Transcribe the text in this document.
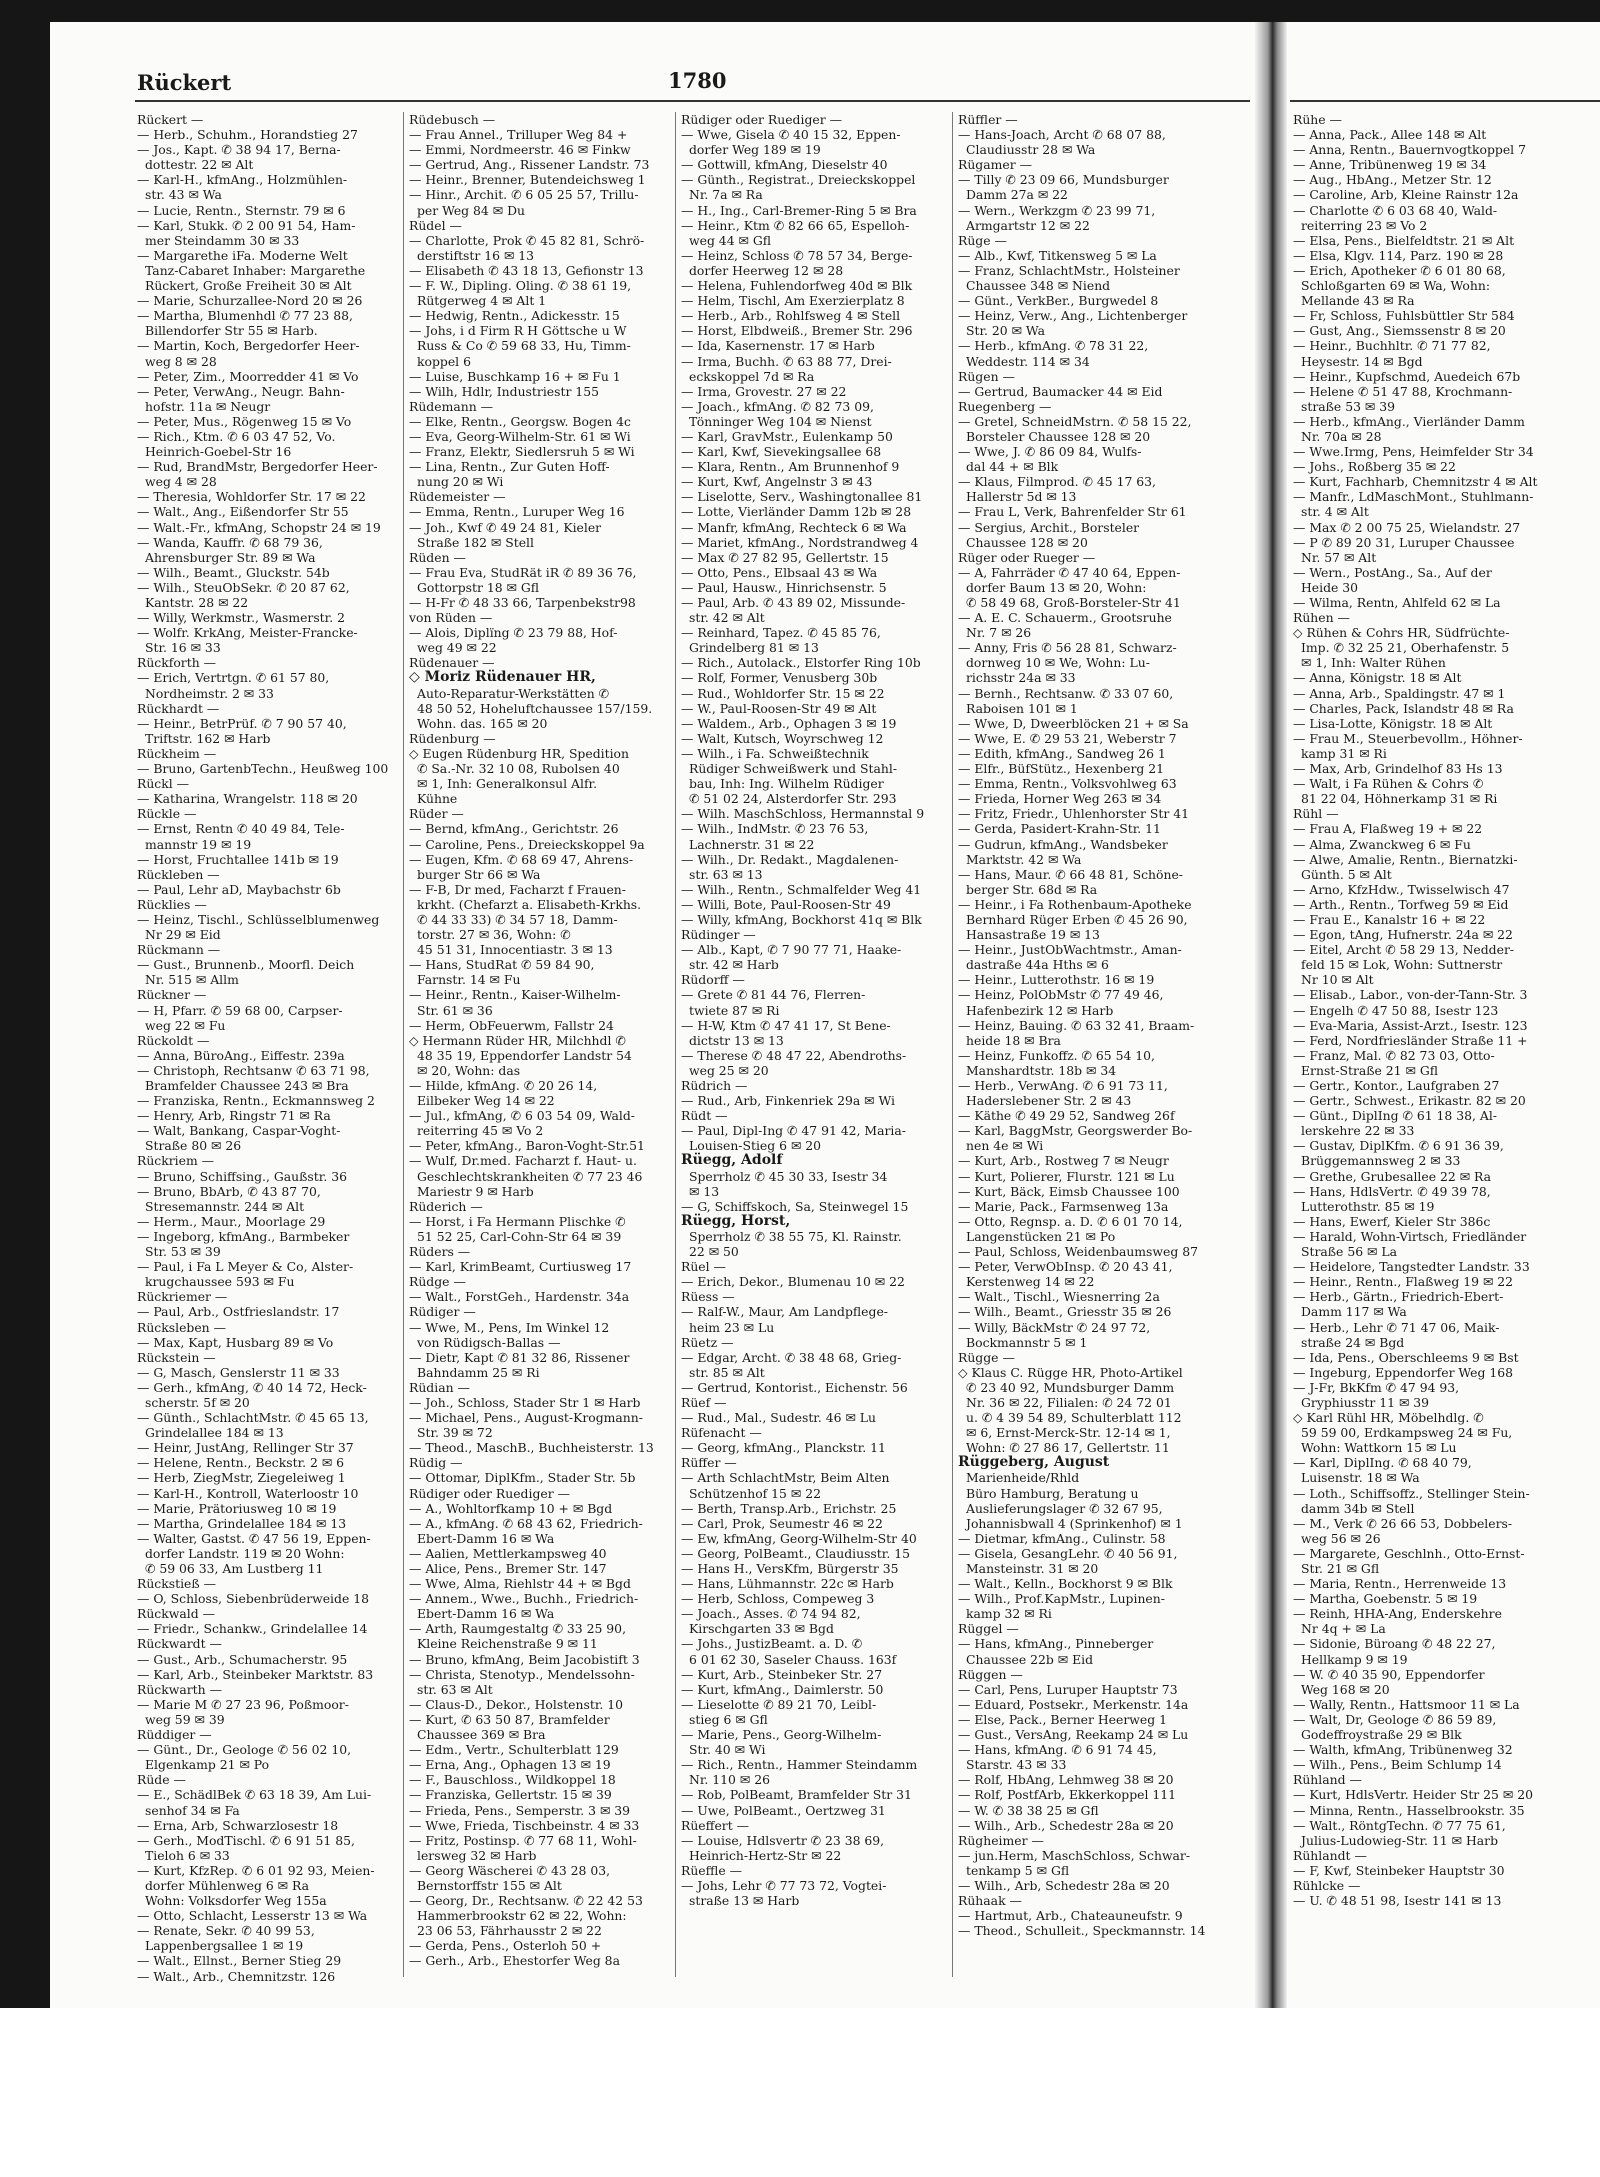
Rückert	1780
Rückert —
— Herb., Schuhm., Horandstieg 27
— Jos., Kapt. ✆ 38 94 17, Berna-
dottestr. 22 ✉ Alt
— Karl-H., kfmAng., Holzmühlen-
str. 43 ✉ Wa
— Lucie, Rentn., Sternstr. 79 ✉ 6
— Karl, Stukk. ✆ 2 00 91 54, Ham-
mer Steindamm 30 ✉ 33
— Margarethe iFa. Moderne Welt
Tanz-Cabaret Inhaber: Margarethe
Rückert, Große Freiheit 30 ✉ Alt
— Marie, Schurzallee-Nord 20 ✉ 26
— Martha, Blumenhdl ✆ 77 23 88,
Billendorfer Str 55 ✉ Harb.
— Martin, Koch, Bergedorfer Heer-
weg 8 ✉ 28
— Peter, Zim., Moorredder 41 ✉ Vo
— Peter, VerwAng., Neugr. Bahn-
hofstr. 11a ✉ Neugr
— Peter, Mus., Rögenweg 15 ✉ Vo
— Rich., Ktm. ✆ 6 03 47 52, Vo.
Heinrich-Goebel-Str 16
— Rud, BrandMstr, Bergedorfer Heer-
weg 4 ✉ 28
— Theresia, Wohldorfer Str. 17 ✉ 22
— Walt., Ang., Eißendorfer Str 55
— Walt.-Fr., kfmAng, Schopstr 24 ✉ 19
— Wanda, Kauffr. ✆ 68 79 36,
Ahrensburger Str. 89 ✉ Wa
— Wilh., Beamt., Gluckstr. 54b
— Wilh., SteuObSekr. ✆ 20 87 62,
Kantstr. 28 ✉ 22
— Willy, Werkmstr., Wasmerstr. 2
— Wolfr. KrkAng, Meister-Francke-
Str. 16 ✉ 33
Rückforth —
— Erich, Vertrtgn. ✆ 61 57 80,
Nordheimstr. 2 ✉ 33
Rückhardt —
— Heinr., BetrPrüf. ✆ 7 90 57 40,
Triftstr. 162 ✉ Harb
Rückheim —
— Bruno, GartenbTechn., Heußweg 100
Rückl —
— Katharina, Wrangelstr. 118 ✉ 20
Rückle —
— Ernst, Rentn ✆ 40 49 84, Tele-
mannstr 19 ✉ 19
— Horst, Fruchtallee 141b ✉ 19
Rückleben —
— Paul, Lehr aD, Maybachstr 6b
Rücklies —
— Heinz, Tischl., Schlüsselblumenweg
Nr 29 ✉ Eid
Rückmann —
— Gust., Brunnenb., Moorfl. Deich
Nr. 515 ✉ Allm
Rückner —
— H, Pfarr. ✆ 59 68 00, Carpser-
weg 22 ✉ Fu
Rückoldt —
— Anna, BüroAng., Eiffestr. 239a
— Christoph, Rechtsanw ✆ 63 71 98,
Bramfelder Chaussee 243 ✉ Bra
— Franziska, Rentn., Eckmannsweg 2
— Henry, Arb, Ringstr 71 ✉ Ra
— Walt, Bankang, Caspar-Voght-
Straße 80 ✉ 26
Rückriem —
— Bruno, Schiffsing., Gaußstr. 36
— Bruno, BbArb, ✆ 43 87 70,
Stresemannstr. 244 ✉ Alt
— Herm., Maur., Moorlage 29
— Ingeborg, kfmAng., Barmbeker
Str. 53 ✉ 39
— Paul, i Fa L Meyer & Co, Alster-
krugchaussee 593 ✉ Fu
Rückriemer —
— Paul, Arb., Ostfrieslandstr. 17
Rücksleben —
— Max, Kapt, Husbarg 89 ✉ Vo
Rückstein —
— G, Masch, Genslerstr 11 ✉ 33
— Gerh., kfmAng, ✆ 40 14 72, Heck-
scherstr. 5f ✉ 20
— Günth., SchlachtMstr. ✆ 45 65 13,
Grindelallee 184 ✉ 13
— Heinr, JustAng, Rellinger Str 37
— Helene, Rentn., Beckstr. 2 ✉ 6
— Herb, ZiegMstr, Ziegeleiweg 1
— Karl-H., Kontroll, Waterloostr 10
— Marie, Prätoriusweg 10 ✉ 19
— Martha, Grindelallee 184 ✉ 13
— Walter, Gastst. ✆ 47 56 19, Eppen-
dorfer Landstr. 119 ✉ 20 Wohn:
✆ 59 06 33, Am Lustberg 11
Rückstieß —
— O, Schloss, Siebenbrüderweide 18
Rückwald —
— Friedr., Schankw., Grindelallee 14
Rückwardt —
— Gust., Arb., Schumacherstr. 95
— Karl, Arb., Steinbeker Marktstr. 83
Rückwarth —
— Marie M ✆ 27 23 96, Poßmoor-
weg 59 ✉ 39
Rüddiger —
— Günt., Dr., Geologe ✆ 56 02 10,
Elgenkamp 21 ✉ Po
Rüde —
— E., SchädlBek ✆ 63 18 39, Am Lui-
senhof 34 ✉ Fa
— Erna, Arb, Schwarzlosestr 18
— Gerh., ModTischl. ✆ 6 91 51 85,
Tieloh 6 ✉ 33
— Kurt, KfzRep. ✆ 6 01 92 93, Meien-
dorfer Mühlenweg 6 ✉ Ra
Wohn: Volksdorfer Weg 155a
— Otto, Schlacht, Lesserstr 13 ✉ Wa
— Renate, Sekr. ✆ 40 99 53,
Lappenbergsallee 1 ✉ 19
— Walt., Ellnst., Berner Stieg 29
— Walt., Arb., Chemnitzstr. 126
Rüdebusch —
— Frau Annel., Trilluper Weg 84 +
— Emmi, Nordmeerstr. 46 ✉ Finkw
— Gertrud, Ang., Rissener Landstr. 73
— Heinr., Brenner, Butendeichsweg 1
— Hinr., Archit. ✆ 6 05 25 57, Trillu-
per Weg 84 ✉ Du
Rüdel —
— Charlotte, Prok ✆ 45 82 81, Schrö-
derstiftstr 16 ✉ 13
— Elisabeth ✆ 43 18 13, Gefionstr 13
— F. W., Dipling. Oling. ✆ 38 61 19,
Rütgerweg 4 ✉ Alt 1
— Hedwig, Rentn., Adickesstr. 15
— Johs, i d Firm R H Göttsche u W
Russ & Co ✆ 59 68 33, Hu, Timm-
koppel 6
— Luise, Buschkamp 16 + ✉ Fu 1
— Wilh, Hdlr, Industriestr 155
Rüdemann —
— Elke, Rentn., Georgsw. Bogen 4c
— Eva, Georg-Wilhelm-Str. 61 ✉ Wi
— Franz, Elektr, Siedlersruh 5 ✉ Wi
— Lina, Rentn., Zur Guten Hoff-
nung 20 ✉ Wi
Rüdemeister —
— Emma, Rentn., Luruper Weg 16
— Joh., Kwf ✆ 49 24 81, Kieler
Straße 182 ✉ Stell
Rüden —
— Frau Eva, StudRät iR ✆ 89 36 76,
Gottorpstr 18 ✉ Gfl
— H-Fr ✆ 48 33 66, Tarpenbekstr98
von Rüden —
— Alois, Diplïng ✆ 23 79 88, Hof-
weg 49 ✉ 22
Rüdenauer —
◇ Moriz Rüdenauer HR,
Auto-Reparatur-Werkstätten ✆
48 50 52, Hoheluftchaussee 157/159.
Wohn. das. 165 ✉ 20
Rüdenburg —
◇ Eugen Rüdenburg HR, Spedition
✆ Sa.-Nr. 32 10 08, Rubolsen 40
✉ 1, Inh: Generalkonsul Alfr.
Kühne
Rüder —
— Bernd, kfmAng., Gerichtstr. 26
— Caroline, Pens., Dreieckskoppel 9a
— Eugen, Kfm. ✆ 68 69 47, Ahrens-
burger Str 66 ✉ Wa
— F-B, Dr med, Facharzt f Frauen-
krkht. (Chefarzt a. Elisabeth-Krkhs.
✆ 44 33 33) ✆ 34 57 18, Damm-
torstr. 27 ✉ 36, Wohn: ✆
45 51 31, Innocentiastr. 3 ✉ 13
— Hans, StudRat ✆ 59 84 90,
Farnstr. 14 ✉ Fu
— Heinr., Rentn., Kaiser-Wilhelm-
Str. 61 ✉ 36
— Herm, ObFeuerwm, Fallstr 24
◇ Hermann Rüder HR, Milchhdl ✆
48 35 19, Eppendorfer Landstr 54
✉ 20, Wohn: das
— Hilde, kfmAng. ✆ 20 26 14,
Eilbeker Weg 14 ✉ 22
— Jul., kfmAng, ✆ 6 03 54 09, Wald-
reiterring 45 ✉ Vo 2
— Peter, kfmAng., Baron-Voght-Str.51
— Wulf, Dr.med. Facharzt f. Haut- u.
Geschlechtskrankheiten ✆ 77 23 46
Mariestr 9 ✉ Harb
Rüderich —
— Horst, i Fa Hermann Plischke ✆
51 52 25, Carl-Cohn-Str 64 ✉ 39
Rüders —
— Karl, KrimBeamt, Curtiusweg 17
Rüdge —
— Walt., ForstGeh., Hardenstr. 34a
Rüdiger —
— Wwe, M., Pens, Im Winkel 12
von Rüdigsch-Ballas —
— Dietr, Kapt ✆ 81 32 86, Rissener
Bahndamm 25 ✉ Ri
Rüdian —
— Joh., Schloss, Stader Str 1 ✉ Harb
— Michael, Pens., August-Krogmann-
Str. 39 ✉ 72
— Theod., MaschB., Buchheisterstr. 13
Rüdig —
— Ottomar, DiplKfm., Stader Str. 5b
Rüdiger oder Ruediger —
— A., Wohltorfkamp 10 + ✉ Bgd
— A., kfmAng. ✆ 68 43 62, Friedrich-
Ebert-Damm 16 ✉ Wa
— Aalien, Mettlerkampsweg 40
— Alice, Pens., Bremer Str. 147
— Wwe, Alma, Riehlstr 44 + ✉ Bgd
— Annem., Wwe., Buchh., Friedrich-
Ebert-Damm 16 ✉ Wa
— Arth, Raumgestaltg ✆ 33 25 90,
Kleine Reichenstraße 9 ✉ 11
— Bruno, kfmAng, Beim Jacobistift 3
— Christa, Stenotyp., Mendelssohn-
str. 63 ✉ Alt
— Claus-D., Dekor., Holstenstr. 10
— Kurt, ✆ 63 50 87, Bramfelder
Chaussee 369 ✉ Bra
— Edm., Vertr., Schulterblatt 129
— Erna, Ang., Ophagen 13 ✉ 19
— F., Bauschloss., Wildkoppel 18
— Franziska, Gellertstr. 15 ✉ 39
— Frieda, Pens., Semperstr. 3 ✉ 39
— Wwe, Frieda, Tischbeinstr. 4 ✉ 33
— Fritz, Postinsp. ✆ 77 68 11, Wohl-
lersweg 32 ✉ Harb
— Georg Wäscherei ✆ 43 28 03,
Bernstorffstr 155 ✉ Alt
— Georg, Dr., Rechtsanw. ✆ 22 42 53
Hammerbrookstr 62 ✉ 22, Wohn:
23 06 53, Fährhausstr 2 ✉ 22
— Gerda, Pens., Osterloh 50 +
— Gerh., Arb., Ehestorfer Weg 8a
Rüdiger oder Ruediger —
— Wwe, Gisela ✆ 40 15 32, Eppen-
dorfer Weg 189 ✉ 19
— Gottwill, kfmAng, Dieselstr 40
— Günth., Registrat., Dreieckskoppel
Nr. 7a ✉ Ra
— H., Ing., Carl-Bremer-Ring 5 ✉ Bra
— Heinr., Ktm ✆ 82 66 65, Espelloh-
weg 44 ✉ Gfl
— Heinz, Schloss ✆ 78 57 34, Berge-
dorfer Heerweg 12 ✉ 28
— Helena, Fuhlendorfweg 40d ✉ Blk
— Helm, Tischl, Am Exerzierplatz 8
— Herb., Arb., Rohlfsweg 4 ✉ Stell
— Horst, Elbdweiß., Bremer Str. 296
— Ida, Kasernenstr. 17 ✉ Harb
— Irma, Buchh. ✆ 63 88 77, Drei-
eckskoppel 7d ✉ Ra
— Irma, Grovestr. 27 ✉ 22
— Joach., kfmAng. ✆ 82 73 09,
Tönninger Weg 104 ✉ Nienst
— Karl, GravMstr., Eulenkamp 50
— Karl, Kwf, Sievekingsallee 68
— Klara, Rentn., Am Brunnenhof 9
— Kurt, Kwf, Angelnstr 3 ✉ 43
— Liselotte, Serv., Washingtonallee 81
— Lotte, Vierländer Damm 12b ✉ 28
— Manfr, kfmAng, Rechteck 6 ✉ Wa
— Mariet, kfmAng., Nordstrandweg 4
— Max ✆ 27 82 95, Gellertstr. 15
— Otto, Pens., Elbsaal 43 ✉ Wa
— Paul, Hausw., Hinrichsenstr. 5
— Paul, Arb. ✆ 43 89 02, Missunde-
str. 42 ✉ Alt
— Reinhard, Tapez. ✆ 45 85 76,
Grindelberg 81 ✉ 13
— Rich., Autolack., Elstorfer Ring 10b
— Rolf, Former, Venusberg 30b
— Rud., Wohldorfer Str. 15 ✉ 22
— W., Paul-Roosen-Str 49 ✉ Alt
— Waldem., Arb., Ophagen 3 ✉ 19
— Walt, Kutsch, Woyrschweg 12
— Wilh., i Fa. Schweißtechnik
Rüdiger Schweißwerk und Stahl-
bau, Inh: Ing. Wilhelm Rüdiger
✆ 51 02 24, Alsterdorfer Str. 293
— Wilh. MaschSchloss, Hermannstal 9
— Wilh., IndMstr. ✆ 23 76 53,
Lachnerstr. 31 ✉ 22
— Wilh., Dr. Redakt., Magdalenen-
str. 63 ✉ 13
— Wilh., Rentn., Schmalfelder Weg 41
— Willi, Bote, Paul-Roosen-Str 49
— Willy, kfmAng, Bockhorst 41q ✉ Blk
Rüdinger —
— Alb., Kapt, ✆ 7 90 77 71, Haake-
str. 42 ✉ Harb
Rüdorff —
— Grete ✆ 81 44 76, Flerren-
twiete 87 ✉ Ri
— H-W, Ktm ✆ 47 41 17, St Bene-
dictstr 13 ✉ 13
— Therese ✆ 48 47 22, Abendroths-
weg 25 ✉ 20
Rüdrich —
— Rud., Arb, Finkenriek 29a ✉ Wi
Rüdt —
— Paul, Dipl-Ing ✆ 47 91 42, Maria-
Louisen-Stieg 6 ✉ 20
Rüegg, Adolf
Sperrholz ✆ 45 30 33, Isestr 34
✉ 13
— G, Schiffskoch, Sa, Steinwegel 15
Rüegg, Horst,
Sperrholz ✆ 38 55 75, Kl. Rainstr.
22 ✉ 50
Rüel —
— Erich, Dekor., Blumenau 10 ✉ 22
Rüess —
— Ralf-W., Maur, Am Landpflege-
heim 23 ✉ Lu
Rüetz —
— Edgar, Archt. ✆ 38 48 68, Grieg-
str. 85 ✉ Alt
— Gertrud, Kontorist., Eichenstr. 56
Rüef —
— Rud., Mal., Sudestr. 46 ✉ Lu
Rüfenacht —
— Georg, kfmAng., Planckstr. 11
Rüffer —
— Arth SchlachtMstr, Beim Alten
Schützenhof 15 ✉ 22
— Berth, Transp.Arb., Erichstr. 25
— Carl, Prok, Seumestr 46 ✉ 22
— Ew, kfmAng, Georg-Wilhelm-Str 40
— Georg, PolBeamt., Claudiusstr. 15
— Hans H., VersKfm, Bürgerstr 35
— Hans, Lühmannstr. 22c ✉ Harb
— Herb, Schloss, Compeweg 3
— Joach., Asses. ✆ 74 94 82,
Kirschgarten 33 ✉ Bgd
— Johs., JustizBeamt. a. D. ✆
6 01 62 30, Saseler Chauss. 163f
— Kurt, Arb., Steinbeker Str. 27
— Kurt, kfmAng., Daimlerstr. 50
— Lieselotte ✆ 89 21 70, Leibl-
stieg 6 ✉ Gfl
— Marie, Pens., Georg-Wilhelm-
Str. 40 ✉ Wi
— Rich., Rentn., Hammer Steindamm
Nr. 110 ✉ 26
— Rob, PolBeamt, Bramfelder Str 31
— Uwe, PolBeamt., Oertzweg 31
Rüeffert —
— Louise, Hdlsvertr ✆ 23 38 69,
Heinrich-Hertz-Str ✉ 22
Rüeffle —
— Johs, Lehr ✆ 77 73 72, Vogtei-
straße 13 ✉ Harb
Rüffler —
— Hans-Joach, Archt ✆ 68 07 88,
Claudiusstr 28 ✉ Wa
Rügamer —
— Tilly ✆ 23 09 66, Mundsburger
Damm 27a ✉ 22
— Wern., Werkzgm ✆ 23 99 71,
Armgartstr 12 ✉ 22
Rüge —
— Alb., Kwf, Titkensweg 5 ✉ La
— Franz, SchlachtMstr., Holsteiner
Chaussee 348 ✉ Niend
— Günt., VerkBer., Burgwedel 8
— Heinz, Verw., Ang., Lichtenberger
Str. 20 ✉ Wa
— Herb., kfmAng. ✆ 78 31 22,
Weddestr. 114 ✉ 34
Rügen —
— Gertrud, Baumacker 44 ✉ Eid
Ruegenberg —
— Gretel, SchneidMstrn. ✆ 58 15 22,
Borsteler Chaussee 128 ✉ 20
— Wwe, J. ✆ 86 09 84, Wulfs-
dal 44 + ✉ Blk
— Klaus, Filmprod. ✆ 45 17 63,
Hallerstr 5d ✉ 13
— Frau L, Verk, Bahrenfelder Str 61
— Sergius, Archit., Borsteler
Chaussee 128 ✉ 20
Rüger oder Rueger —
— A, Fahrräder ✆ 47 40 64, Eppen-
dorfer Baum 13 ✉ 20, Wohn:
✆ 58 49 68, Groß-Borsteler-Str 41
— A. E. C. Schauerm., Grootsruhe
Nr. 7 ✉ 26
— Anny, Fris ✆ 56 28 81, Schwarz-
dornweg 10 ✉ We, Wohn: Lu-
richsstr 24a ✉ 33
— Bernh., Rechtsanw. ✆ 33 07 60,
Raboisen 101 ✉ 1
— Wwe, D, Dweerblöcken 21 + ✉ Sa
— Wwe, E. ✆ 29 53 21, Weberstr 7
— Edith, kfmAng., Sandweg 26 1
— Elfr., BüfStütz., Hexenberg 21
— Emma, Rentn., Volksvohlweg 63
— Frieda, Horner Weg 263 ✉ 34
— Fritz, Friedr., Uhlenhorster Str 41
— Gerda, Pasidert-Krahn-Str. 11
— Gudrun, kfmAng., Wandsbeker
Marktstr. 42 ✉ Wa
— Hans, Maur. ✆ 66 48 81, Schöne-
berger Str. 68d ✉ Ra
— Heinr., i Fa Rothenbaum-Apotheke
Bernhard Rüger Erben ✆ 45 26 90,
Hansastraße 19 ✉ 13
— Heinr., JustObWachtmstr., Aman-
dastraße 44a Hths ✉ 6
— Heinr., Lutterothstr. 16 ✉ 19
— Heinz, PolObMstr ✆ 77 49 46,
Hafenbezirk 12 ✉ Harb
— Heinz, Bauing. ✆ 63 32 41, Braam-
heide 18 ✉ Bra
— Heinz, Funkoffz. ✆ 65 54 10,
Manshardtstr. 18b ✉ 34
— Herb., VerwAng. ✆ 6 91 73 11,
Haderslebener Str. 2 ✉ 43
— Käthe ✆ 49 29 52, Sandweg 26f
— Karl, BaggMstr, Georgswerder Bo-
nen 4e ✉ Wi
— Kurt, Arb., Rostweg 7 ✉ Neugr
— Kurt, Polierer, Flurstr. 121 ✉ Lu
— Kurt, Bäck, Eimsb Chaussee 100
— Marie, Pack., Farmsenweg 13a
— Otto, Regnsp. a. D. ✆ 6 01 70 14,
Langenstücken 21 ✉ Po
— Paul, Schloss, Weidenbaumsweg 87
— Peter, VerwObInsp. ✆ 20 43 41,
Kerstenweg 14 ✉ 22
— Walt., Tischl., Wiesnerring 2a
— Wilh., Beamt., Griesstr 35 ✉ 26
— Willy, BäckMstr ✆ 24 97 72,
Bockmannstr 5 ✉ 1
Rügge —
◇ Klaus C. Rügge HR, Photo-Artikel
✆ 23 40 92, Mundsburger Damm
Nr. 36 ✉ 22, Filialen: ✆ 24 72 01
u. ✆ 4 39 54 89, Schulterblatt 112
✉ 6, Ernst-Merck-Str. 12-14 ✉ 1,
Wohn: ✆ 27 86 17, Gellertstr. 11
Rüggeberg, August
Marienheide/Rhld
Büro Hamburg, Beratung u
Auslieferungslager ✆ 32 67 95,
Johannisbwall 4 (Sprinkenhof) ✉ 1
— Dietmar, kfmAng., Culinstr. 58
— Gisela, GesangLehr. ✆ 40 56 91,
Mansteinstr. 31 ✉ 20
— Walt., Kelln., Bockhorst 9 ✉ Blk
— Wilh., Prof.KapMstr., Lupinen-
kamp 32 ✉ Ri
Rüggel —
— Hans, kfmAng., Pinneberger
Chaussee 22b ✉ Eid
Rüggen —
— Carl, Pens, Luruper Hauptstr 73
— Eduard, Postsekr., Merkenstr. 14a
— Else, Pack., Berner Heerweg 1
— Gust., VersAng, Reekamp 24 ✉ Lu
— Hans, kfmAng. ✆ 6 91 74 45,
Starstr. 43 ✉ 33
— Rolf, HbAng, Lehmweg 38 ✉ 20
— Rolf, PostfArb, Ekkerkoppel 111
— W. ✆ 38 38 25 ✉ Gfl
— Wilh., Arb., Schedestr 28a ✉ 20
Rügheimer —
— jun.Herm, MaschSchloss, Schwar-
tenkamp 5 ✉ Gfl
— Wilh., Arb, Schedestr 28a ✉ 20
Rühaak —
— Hartmut, Arb., Chateauneufstr. 9
— Theod., Schulleit., Speckmannstr. 14
Rühe —
— Anna, Pack., Allee 148 ✉ Alt
— Anna, Rentn., Bauernvogtkoppel 7
— Anne, Tribünenweg 19 ✉ 34
— Aug., HbAng., Metzer Str. 12
— Caroline, Arb, Kleine Rainstr 12a
— Charlotte ✆ 6 03 68 40, Wald-
reiterring 23 ✉ Vo 2
— Elsa, Pens., Bielfeldtstr. 21 ✉ Alt
— Elsa, Klgv. 114, Parz. 190 ✉ 28
— Erich, Apotheker ✆ 6 01 80 68,
Schloßgarten 69 ✉ Wa, Wohn:
Mellande 43 ✉ Ra
— Fr, Schloss, Fuhlsbüttler Str 584
— Gust, Ang., Siemssenstr 8 ✉ 20
— Heinr., Buchhltr. ✆ 71 77 82,
Heysestr. 14 ✉ Bgd
— Heinr., Kupfschmd, Auedeich 67b
— Helene ✆ 51 47 88, Krochmann-
straße 53 ✉ 39
— Herb., kfmAng., Vierländer Damm
Nr. 70a ✉ 28
— Wwe.Irmg, Pens, Heimfelder Str 34
— Johs., Roßberg 35 ✉ 22
— Kurt, Fachharb, Chemnitzstr 4 ✉ Alt
— Manfr., LdMaschMont., Stuhlmann-
str. 4 ✉ Alt
— Max ✆ 2 00 75 25, Wielandstr. 27
— P ✆ 89 20 31, Luruper Chaussee
Nr. 57 ✉ Alt
— Wern., PostAng., Sa., Auf der
Heide 30
— Wilma, Rentn, Ahlfeld 62 ✉ La
Rühen —
◇ Rühen & Cohrs HR, Südfrüchte-
Imp. ✆ 32 25 21, Oberhafenstr. 5
✉ 1, Inh: Walter Rühen
— Anna, Königstr. 18 ✉ Alt
— Anna, Arb., Spaldingstr. 47 ✉ 1
— Charles, Pack, Islandstr 48 ✉ Ra
— Lisa-Lotte, Königstr. 18 ✉ Alt
— Frau M., Steuerbevollm., Höhner-
kamp 31 ✉ Ri
— Max, Arb, Grindelhof 83 Hs 13
— Walt, i Fa Rühen & Cohrs ✆
81 22 04, Höhnerkamp 31 ✉ Ri
Rühl —
— Frau A, Flaßweg 19 + ✉ 22
— Alma, Zwanckweg 6 ✉ Fu
— Alwe, Amalie, Rentn., Biernatzki-
Günth. 5 ✉ Alt
— Arno, KfzHdw., Twisselwisch 47
— Arth., Rentn., Torfweg 59 ✉ Eid
— Frau E., Kanalstr 16 + ✉ 22
— Egon, tAng, Hufnerstr. 24a ✉ 22
— Eitel, Archt ✆ 58 29 13, Nedder-
feld 15 ✉ Lok, Wohn: Suttnerstr
Nr 10 ✉ Alt
— Elisab., Labor., von-der-Tann-Str. 3
— Engelh ✆ 47 50 88, Isestr 123
— Eva-Maria, Assist-Arzt., Isestr. 123
— Ferd, Nordfriesländer Straße 11 +
— Franz, Mal. ✆ 82 73 03, Otto-
Ernst-Straße 21 ✉ Gfl
— Gertr., Kontor., Laufgraben 27
— Gertr., Schwest., Erikastr. 82 ✉ 20
— Günt., DiplIng ✆ 61 18 38, Al-
lerskehre 22 ✉ 33
— Gustav, DiplKfm. ✆ 6 91 36 39,
Brüggemannsweg 2 ✉ 33
— Grethe, Grubesallee 22 ✉ Ra
— Hans, HdlsVertr. ✆ 49 39 78,
Lutterothstr. 85 ✉ 19
— Hans, Ewerf, Kieler Str 386c
— Harald, Wohn-Virtsch, Friedländer
Straße 56 ✉ La
— Heidelore, Tangstedter Landstr. 33
— Heinr., Rentn., Flaßweg 19 ✉ 22
— Herb., Gärtn., Friedrich-Ebert-
Damm 117 ✉ Wa
— Herb., Lehr ✆ 71 47 06, Maik-
straße 24 ✉ Bgd
— Ida, Pens., Oberschleems 9 ✉ Bst
— Ingeburg, Eppendorfer Weg 168
— J-Fr, BkKfm ✆ 47 94 93,
Gryphiusstr 11 ✉ 39
◇ Karl Rühl HR, Möbelhdlg. ✆
59 59 00, Erdkampsweg 24 ✉ Fu,
Wohn: Wattkorn 15 ✉ Lu
— Karl, DiplIng. ✆ 68 40 79,
Luisenstr. 18 ✉ Wa
— Loth., Schiffsoffz., Stellinger Stein-
damm 34b ✉ Stell
— M., Verk ✆ 26 66 53, Dobbelers-
weg 56 ✉ 26
— Margarete, Geschlnh., Otto-Ernst-
Str. 21 ✉ Gfl
— Maria, Rentn., Herrenweide 13
— Martha, Goebenstr. 5 ✉ 19
— Reinh, HHA-Ang, Enderskehre
Nr 4q + ✉ La
— Sidonie, Büroang ✆ 48 22 27,
Hellkamp 9 ✉ 19
— W. ✆ 40 35 90, Eppendorfer
Weg 168 ✉ 20
— Wally, Rentn., Hattsmoor 11 ✉ La
— Walt, Dr, Geologe ✆ 86 59 89,
Godeffroystraße 29 ✉ Blk
— Walth, kfmAng, Tribünenweg 32
— Wilh., Pens., Beim Schlump 14
Rühland —
— Kurt, HdlsVertr. Heider Str 25 ✉ 20
— Minna, Rentn., Hasselbrookstr. 35
— Walt., RöntgTechn. ✆ 77 75 61,
Julius-Ludowieg-Str. 11 ✉ Harb
Rühlandt —
— F, Kwf, Steinbeker Hauptstr 30
Rühlcke —
— U. ✆ 48 51 98, Isestr 141 ✉ 13
